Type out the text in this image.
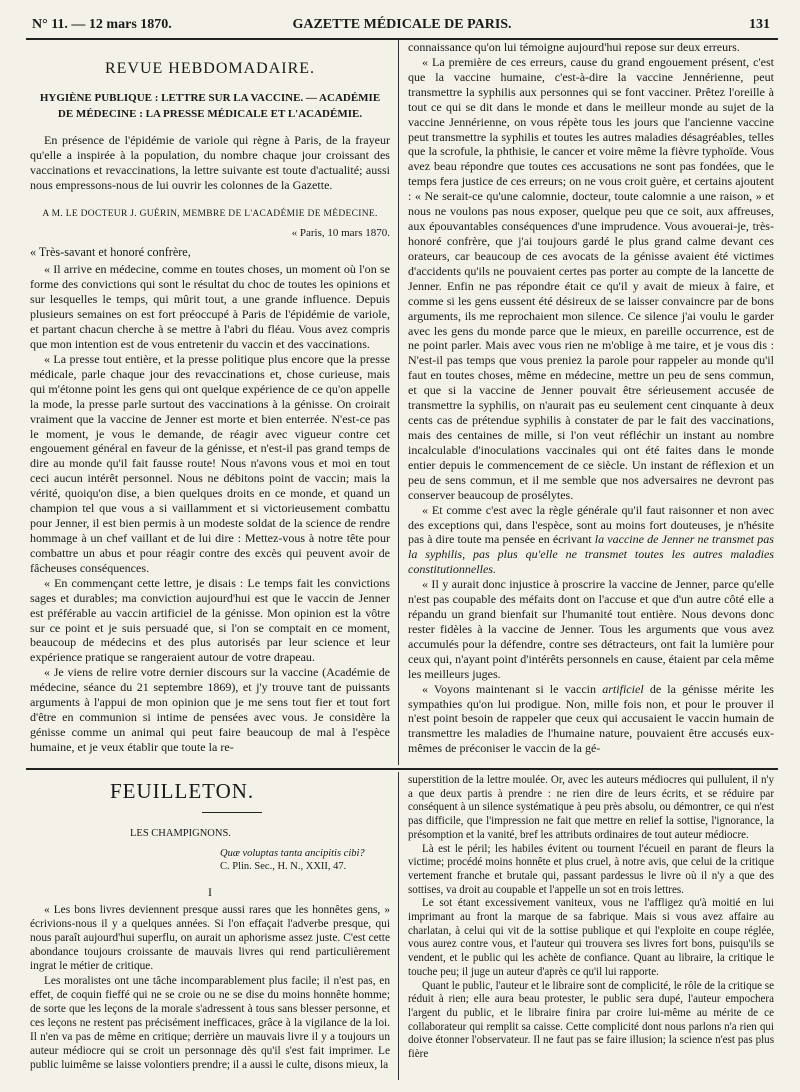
N° 11. — 12 mars 1870.	GAZETTE MÉDICALE DE PARIS.	131
REVUE HEBDOMADAIRE.
HYGIÈNE PUBLIQUE : LETTRE SUR LA VACCINE. — ACADÉMIE
DE MÉDECINE : LA PRESSE MÉDICALE ET L'ACADÉMIE.

En présence de l'épidémie de variole qui règne à Paris, de la frayeur qu'elle a inspirée à la population, du nombre chaque jour croissant des vaccinations et revaccinations, la lettre suivante est toute d'actualité; aussi nous empressons-nous de lui ouvrir les colonnes de la Gazette.

A M. LE DOCTEUR J. GUÉRIN, MEMBRE DE L'ACADÉMIE DE MÉDECINE.
« Paris, 10 mars 1870.
« Très-savant et honoré confrère,

« Il arrive en médecine, comme en toutes choses, un moment où l'on se forme des convictions qui sont le résultat du choc de toutes les opinions et sur lesquelles le temps, qui mûrit tout, a une grande influence. Depuis plusieurs semaines on est fort préoccupé à Paris de l'épidémie de variole, et partant chacun cherche à se mettre à l'abri du fléau. Vous avez compris que mon intention est de vous entretenir du vaccin et des vaccinations.

« La presse tout entière, et la presse politique plus encore que la presse médicale, parle chaque jour des revaccinations et, chose curieuse, mais qui m'étonne point les gens qui ont quelque expérience de ce qu'on appelle la mode, la presse parle surtout des vaccinations à la génisse. On croirait vraiment que la vaccine de Jenner est morte et bien enterrée. N'est-ce pas le moment, je vous le demande, de réagir avec vigueur contre cet engouement général en faveur de la génisse, et n'est-il pas grand temps de dire au monde qu'il fait fausse route! Nous n'avons vous et moi en tout ceci aucun intérêt personnel. Nous ne débitons point de vaccin; mais la vérité, quoiqu'on dise, a bien quelques droits en ce monde, et quand un champion tel que vous a si vaillamment et si victorieusement combattu pour Jenner, il est bien permis à un modeste soldat de la science de rendre hommage à un chef vaillant et de lui dire : Mettez-vous à notre tête pour combattre un abus et pour réagir contre des excès qui peuvent avoir de fâcheuses conséquences.

« En commençant cette lettre, je disais : Le temps fait les convictions sages et durables; ma conviction aujourd'hui est que le vaccin de Jenner est préférable au vaccin artificiel de la génisse. Mon opinion est la vôtre sur ce point et je suis persuadé que, si l'on se comptait en ce moment, beaucoup de médecins et des plus autorisés par leur science et leur expérience pratique se rangeraient autour de votre drapeau.

« Je viens de relire votre dernier discours sur la vaccine (Académie de médecine, séance du 21 septembre 1869), et j'y trouve tant de puissants arguments à l'appui de mon opinion que je me sens tout fier et tout fort d'être en communion si intime de pensées avec vous. Je considère la génisse comme un animal qui peut faire beaucoup de mal à l'espèce humaine, et je veux établir que toute la re-

connaissance qu'on lui témoigne aujourd'hui repose sur deux erreurs.

« La première de ces erreurs, cause du grand engouement présent, c'est que la vaccine humaine, c'est-à-dire la vaccine Jennérienne, peut transmettre la syphilis aux personnes qui se font vacciner. Prêtez l'oreille à tout ce qui se dit dans le monde et dans le meilleur monde au sujet de la vaccine Jennérienne, on vous répète tous les jours que l'ancienne vaccine peut transmettre la syphilis et toutes les autres maladies désagréables, telles que la scrofule, la phthisie, le cancer et voire même la fièvre typhoïde. Vous avez beau répondre que toutes ces accusations ne sont pas fondées, que le temps fera justice de ces erreurs; on ne vous croit guère, et certains ajoutent : « Ne serait-ce qu'une calomnie, docteur, toute calomnie a une raison, » et nous ne voulons pas nous exposer, quelque peu que ce soit, aux affreuses, aux épouvantables conséquences d'une imprudence. Vous avouerai-je, très-honoré confrère, que j'ai toujours gardé le plus grand calme devant ces orateurs, car beaucoup de ces avocats de la génisse avaient été victimes d'accidents qu'ils ne pouvaient certes pas porter au compte de la lancette de Jenner. Enfin ne pas répondre était ce qu'il y avait de mieux à faire, et comme si les gens eussent été désireux de se laisser convaincre par de bons arguments, ils me reprochaient mon silence. Ce silence j'ai voulu le garder avec les gens du monde parce que le mieux, en pareille occurrence, est de ne point parler. Mais avec vous rien ne m'oblige à me taire, et je vous dis : N'est-il pas temps que vous preniez la parole pour rappeler au monde qu'il faut en toutes choses, même en médecine, mettre un peu de sens commun, et que si la vaccine de Jenner pouvait être sérieusement accusée de transmettre la syphilis, on n'aurait pas eu seulement cent cinquante à deux cents cas de prétendue syphilis à constater de par le fait des vaccinations, mais des centaines de mille, si l'on veut réfléchir un instant au nombre incalculable d'inoculations vaccinales qui ont été faites dans le monde entier depuis le commencement de ce siècle. Un instant de réflexion et un peu de sens commun, et il me semble que nos adversaires ne devront pas conserver beaucoup de prosélytes.

« Et comme c'est avec la règle générale qu'il faut raisonner et non avec des exceptions qui, dans l'espèce, sont au moins fort douteuses, je n'hésite pas à dire toute ma pensée en écrivant la vaccine de Jenner ne transmet pas la syphilis, pas plus qu'elle ne transmet toutes les autres maladies constitutionnelles.

« Il y aurait donc injustice à proscrire la vaccine de Jenner, parce qu'elle n'est pas coupable des méfaits dont on l'accuse et que d'un autre côté elle a répandu un grand bienfait sur l'humanité tout entière. Nous devons donc rester fidèles à la vaccine de Jenner. Tous les arguments que vous avez accumulés pour la défendre, contre ses détracteurs, ont fait la lumière pour ceux qui, n'ayant point d'intérêts personnels en cause, étaient par cela même les meilleurs juges.

« Voyons maintenant si le vaccin artificiel de la génisse mérite les sympathies qu'on lui prodigue. Non, mille fois non, et pour le prouver il n'est point besoin de rappeler que ceux qui accusaient le vaccin humain de transmettre les maladies de l'humaine nature, pouvaient être accusés eux-mêmes de préconiser le vaccin de la gé-

FEUILLETON.
LES CHAMPIGNONS.
Quæ voluptas tanta ancipitis cibi?
C. Plin. Sec., H. N., XXII, 47.
I

« Les bons livres deviennent presque aussi rares que les honnêtes gens, » écrivions-nous il y a quelques années. Si l'on effaçait l'adverbe presque, qui nous paraît aujourd'hui superflu, on aurait un aphorisme assez juste. C'est cette abondance toujours croissante de mauvais livres qui rend particulièrement ingrat le métier de critique.

Les moralistes ont une tâche incomparablement plus facile; il n'est pas, en effet, de coquin fieffé qui ne se croie ou ne se dise du moins honnête homme; de sorte que les leçons de la morale s'adressent à tous sans blesser personne, et ces leçons ne restent pas précisément inefficaces, grâce à la vigilance de la loi. Il n'en va pas de même en critique; derrière un mauvais livre il y a toujours un auteur médiocre qui se croit un personnage dès qu'il s'est fait imprimer. Le public luimême se laisse volontiers prendre; il a aussi le culte, disons mieux, la

superstition de la lettre moulée. Or, avec les auteurs médiocres qui pullulent, il n'y a que deux partis à prendre : ne rien dire de leurs écrits, et se réduire par conséquent à un silence systématique à peu près absolu, ou démontrer, ce qui n'est pas difficile, que l'impression ne fait que mettre en relief la sottise, l'ignorance, la présomption et la vanité, bref les attributs ordinaires de tout auteur médiocre.

Là est le péril; les habiles évitent ou tournent l'écueil en parant de fleurs la victime; procédé moins honnête et plus cruel, à notre avis, que celui de la critique vertement franche et brutale qui, passant pardessus le livre où il n'y a que des sottises, va droit au coupable et l'appelle un sot en trois lettres.

Le sot étant excessivement vaniteux, vous ne l'affligez qu'à moitié en lui imprimant au front la marque de sa fabrique. Mais si vous avez affaire au charlatan, à celui qui vit de la sottise publique et qui l'exploite en coupe réglée, vous aurez contre vous, et l'auteur qui trouvera ses livres fort bons, puisqu'ils se vendent, et le public qui les achète de confiance. Quant au libraire, la critique le touche peu; il juge un auteur d'après ce qu'il lui rapporte.

Quant le public, l'auteur et le libraire sont de complicité, le rôle de la critique se réduit à rien; elle aura beau protester, le public sera dupé, l'auteur empochera l'argent du public, et le libraire finira par croire lui-même au mérite de ce collaborateur qui remplit sa caisse. Cette complicité dont nous parlons n'a rien qui doive étonner l'observateur. Il ne faut pas se faire illusion; la science n'est pas plus fière
